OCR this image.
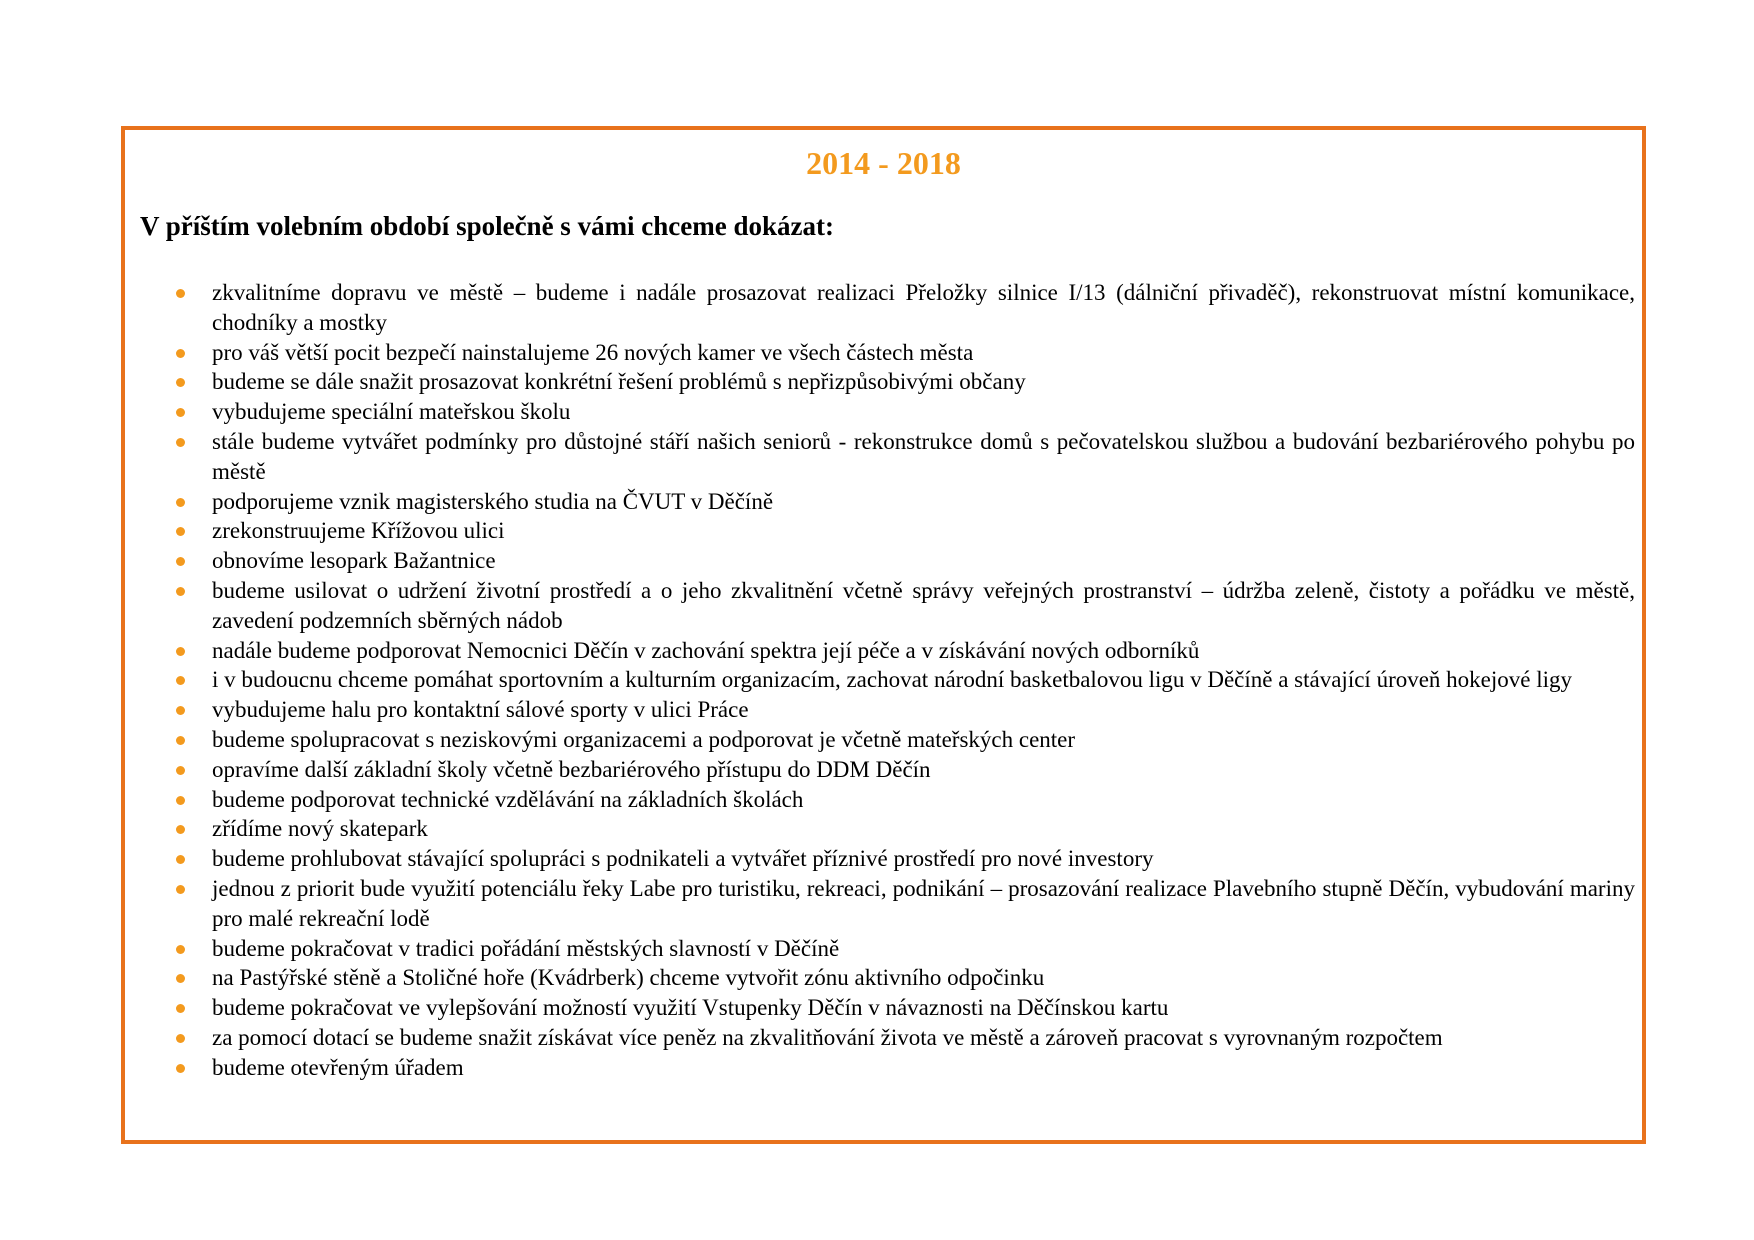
2014 - 2018
V příštím volebním období společně s vámi chceme dokázat:
zkvalitníme dopravu ve městě – budeme i nadále prosazovat realizaci Přeložky silnice I/13 (dálniční přivaděč), rekonstruovat místní komunikace, chodníky a mostky
pro váš větší pocit bezpečí nainstalujeme 26 nových kamer ve všech částech města
budeme se dále snažit prosazovat konkrétní řešení problémů s nepřizpůsobivými občany
vybudujeme speciální mateřskou školu
stále budeme vytvářet podmínky pro důstojné stáří našich seniorů - rekonstrukce domů s pečovatelskou službou a budování bezbariérového pohybu po městě
podporujeme vznik magisterského studia na ČVUT v Děčíně
zrekonstruujeme Křížovou ulici
obnovíme lesopark Bažantnice
budeme usilovat o udržení životní prostředí a o jeho zkvalitnění včetně správy veřejných prostranství – údržba zeleně, čistoty a pořádku ve městě, zavedení podzemních sběrných nádob
nadále budeme podporovat Nemocnici Děčín v zachování spektra její péče a v získávání nových odborníků
i v budoucnu chceme pomáhat sportovním a kulturním organizacím, zachovat národní basketbalovou ligu v Děčíně a stávající úroveň hokejové ligy
vybudujeme halu pro kontaktní sálové sporty v ulici Práce
budeme spolupracovat s neziskovými organizacemi a podporovat je včetně mateřských center
opravíme další základní školy včetně bezbariérového přístupu do DDM Děčín
budeme podporovat technické vzdělávání na základních školách
zřídíme nový skatepark
budeme prohlubovat stávající spolupráci s podnikateli a vytvářet příznivé prostředí pro nové investory
jednou z priorit bude využití potenciálu řeky Labe pro turistiku, rekreaci, podnikání – prosazování realizace Plavebního stupně Děčín, vybudování mariny pro malé rekreační lodě
budeme pokračovat v tradici pořádání městských slavností v Děčíně
na Pastýřské stěně a Stoličné hoře (Kvádrberk) chceme vytvořit zónu aktivního odpočinku
budeme pokračovat ve vylepšování možností využití Vstupenky Děčín v návaznosti na Děčínskou kartu
za pomocí dotací se budeme snažit získávat více peněz na zkvalitňování života ve městě a zároveň pracovat s vyrovnaným rozpočtem
budeme otevřeným úřadem
